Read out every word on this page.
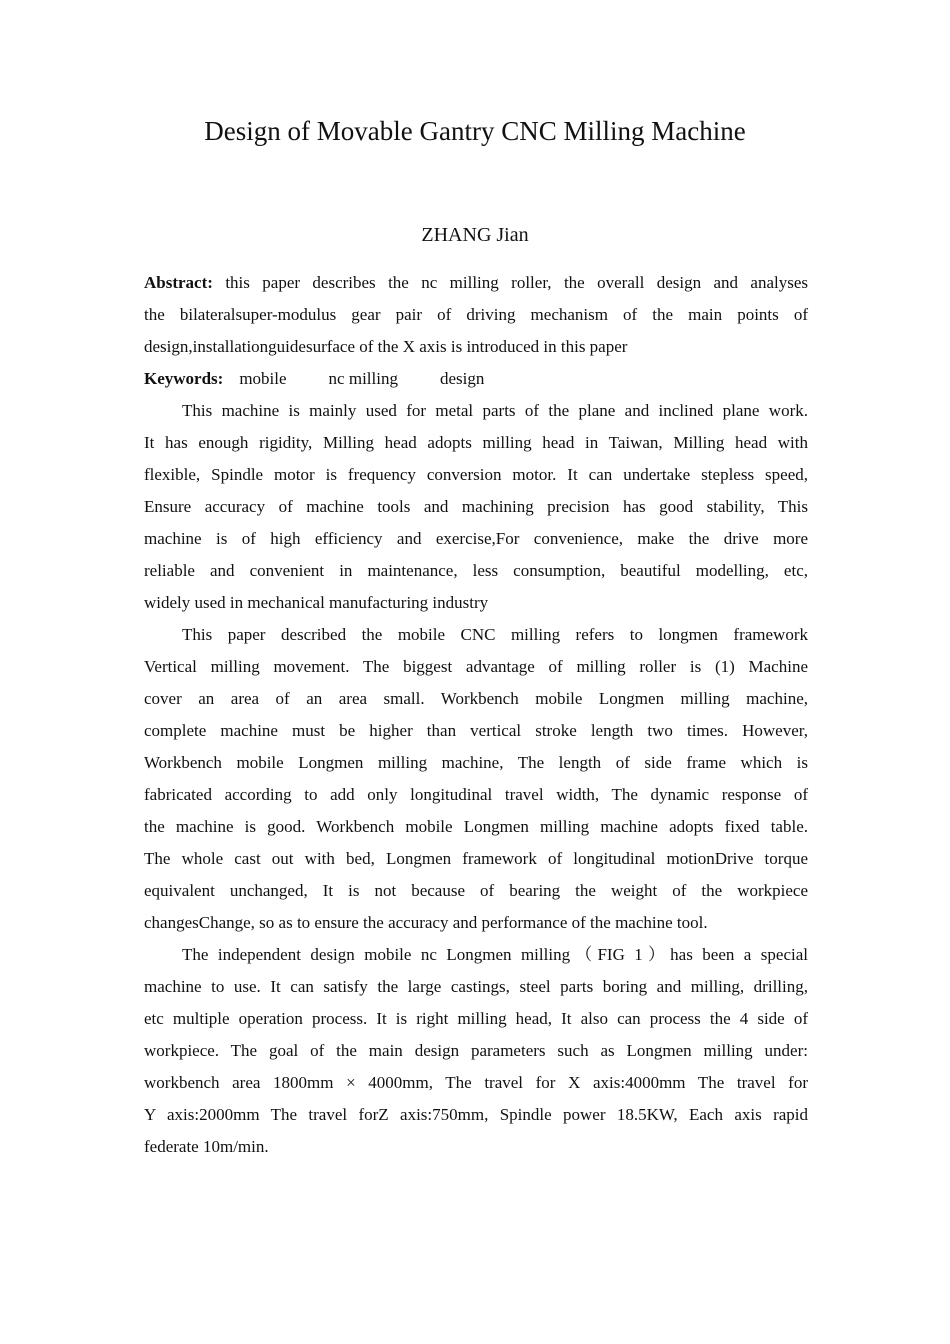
Design of Movable Gantry CNC Milling Machine
ZHANG Jian
Abstract: this paper describes the nc milling roller, the overall design and analyses
the bilateralsuper-modulus gear pair of driving mechanism of the main points of
design,installationguidesurface of the X axis is introduced in this paper
Keywords: mobile nc milling design
This machine is mainly used for metal parts of the plane and inclined plane work.
It has enough rigidity, Milling head adopts milling head in Taiwan, Milling head with
flexible, Spindle motor is frequency conversion motor. It can undertake stepless speed,
Ensure accuracy of machine tools and machining precision has good stability, This
machine is of high efficiency and exercise,For convenience, make the drive more
reliable and convenient in maintenance, less consumption, beautiful modelling, etc,
widely used in mechanical manufacturing industry
This paper described the mobile CNC milling refers to longmen framework
Vertical milling movement. The biggest advantage of milling roller is (1) Machine
cover an area of an area small. Workbench mobile Longmen milling machine,
complete machine must be higher than vertical stroke length two times. However,
Workbench mobile Longmen milling machine, The length of side frame which is
fabricated according to add only longitudinal travel width, The dynamic response of
the machine is good. Workbench mobile Longmen milling machine adopts fixed table.
The whole cast out with bed, Longmen framework of longitudinal motionDrive torque
equivalent unchanged, It is not because of bearing the weight of the workpiece
changesChange, so as to ensure the accuracy and performance of the machine tool.
The independent design mobile nc Longmen milling（FIG 1）has been a special
machine to use. It can satisfy the large castings, steel parts boring and milling, drilling,
etc multiple operation process. It is right milling head, It also can process the 4 side of
workpiece. The goal of the main design parameters such as Longmen milling under:
workbench area 1800mm × 4000mm, The travel for X axis:4000mm The travel for
Y axis:2000mm The travel forZ axis:750mm, Spindle power 18.5KW, Each axis rapid
federate 10m/min.
